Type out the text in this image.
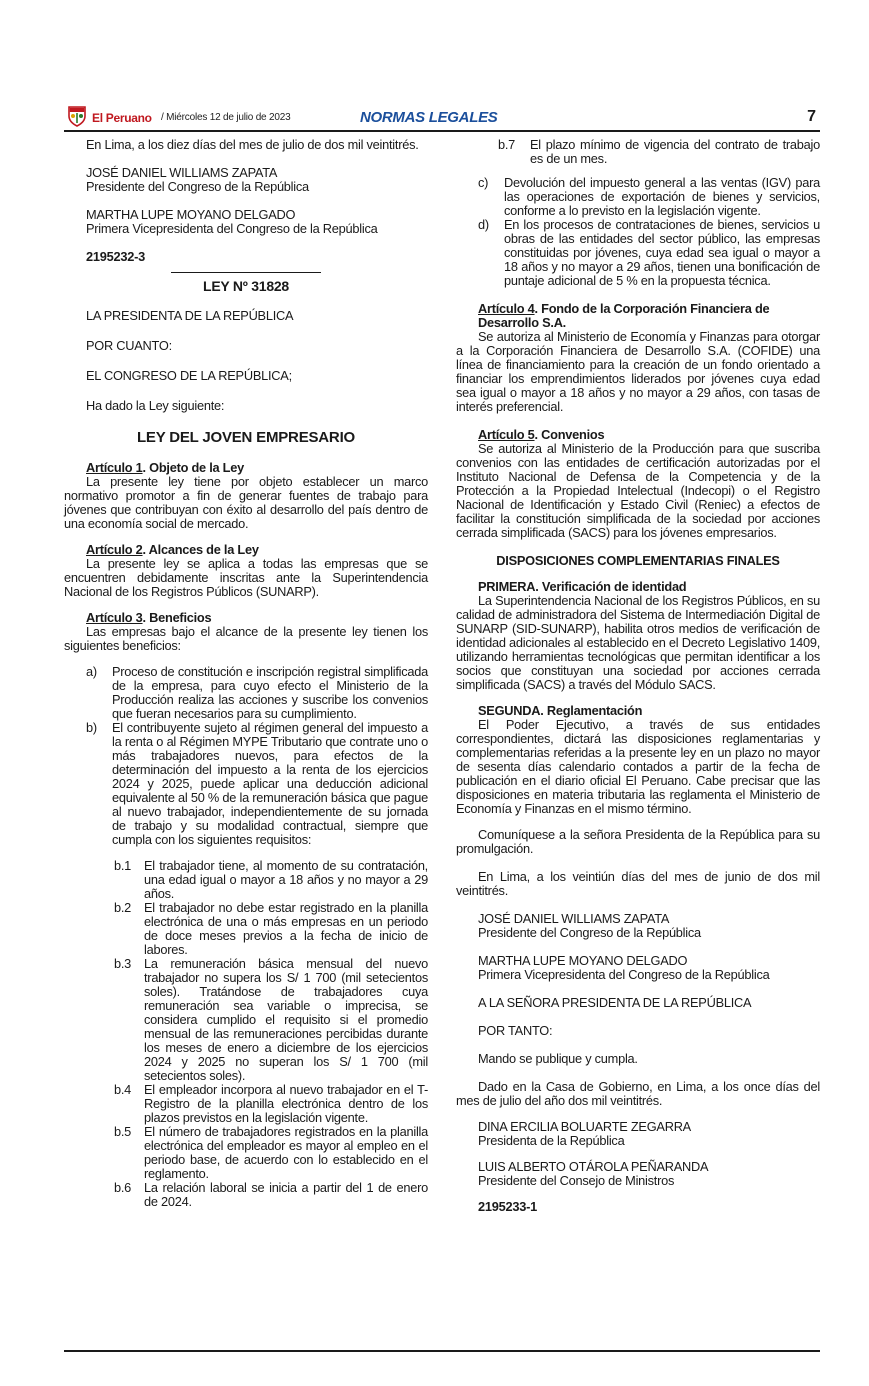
El Peruano / Miércoles 12 de julio de 2023	NORMAS LEGALES	7

En Lima, a los diez días del mes de julio de dos mil veintitrés.

JOSÉ DANIEL WILLIAMS ZAPATA

Presidente del Congreso de la República

MARTHA LUPE MOYANO DELGADO

Primera Vicepresidenta del Congreso de la República

2195232-3

LEY Nº 31828

LA PRESIDENTA DE LA REPÚBLICA

POR CUANTO:

EL CONGRESO DE LA REPÚBLICA;

Ha dado la Ley siguiente:

LEY DEL JOVEN EMPRESARIO

Artículo 1. Objeto de la Ley

La presente ley tiene por objeto establecer un marco normativo promotor a fin de generar fuentes de trabajo para jóvenes que contribuyan con éxito al desarrollo del país dentro de una economía social de mercado.

Artículo 2. Alcances de la Ley

La presente ley se aplica a todas las empresas que se encuentren debidamente inscritas ante la Superintendencia Nacional de los Registros Públicos (SUNARP).

Artículo 3. Beneficios

Las empresas bajo el alcance de la presente ley tienen los siguientes beneficios:

a)	Proceso de constitución e inscripción registral simplificada de la empresa, para cuyo efecto el Ministerio de la Producción realiza las acciones y suscribe los convenios que fueran necesarios para su cumplimiento.
b)	El contribuyente sujeto al régimen general del impuesto a la renta o al Régimen MYPE Tributario que contrate uno o más trabajadores nuevos, para efectos de la determinación del impuesto a la renta de los ejercicios 2024 y 2025, puede aplicar una deducción adicional equivalente al 50 % de la remuneración básica que pague al nuevo trabajador, independientemente de su jornada de trabajo y su modalidad contractual, siempre que cumpla con los siguientes requisitos:
b.1	El trabajador tiene, al momento de su contratación, una edad igual o mayor a 18 años y no mayor a 29 años.
b.2	El trabajador no debe estar registrado en la planilla electrónica de una o más empresas en un periodo de doce meses previos a la fecha de inicio de labores.
b.3	La remuneración básica mensual del nuevo trabajador no supera los S/ 1 700 (mil setecientos soles). Tratándose de trabajadores cuya remuneración sea variable o imprecisa, se considera cumplido el requisito si el promedio mensual de las remuneraciones percibidas durante los meses de enero a diciembre de los ejercicios 2024 y 2025 no superan los S/ 1 700 (mil setecientos soles).
b.4	El empleador incorpora al nuevo trabajador en el T-Registro de la planilla electrónica dentro de los plazos previstos en la legislación vigente.
b.5	El número de trabajadores registrados en la planilla electrónica del empleador es mayor al empleo en el periodo base, de acuerdo con lo establecido en el reglamento.
b.6	La relación laboral se inicia a partir del 1 de enero de 2024.
b.7	El plazo mínimo de vigencia del contrato de trabajo es de un mes.
c)	Devolución del impuesto general a las ventas (IGV) para las operaciones de exportación de bienes y servicios, conforme a lo previsto en la legislación vigente.
d)	En los procesos de contrataciones de bienes, servicios u obras de las entidades del sector público, las empresas constituidas por jóvenes, cuya edad sea igual o mayor a 18 años y no mayor a 29 años, tienen una bonificación de puntaje adicional de 5 % en la propuesta técnica.

Artículo 4. Fondo de la Corporación Financiera de Desarrollo S.A.

Se autoriza al Ministerio de Economía y Finanzas para otorgar a la Corporación Financiera de Desarrollo S.A. (COFIDE) una línea de financiamiento para la creación de un fondo orientado a financiar los emprendimientos liderados por jóvenes cuya edad sea igual o mayor a 18 años y no mayor a 29 años, con tasas de interés preferencial.

Artículo 5. Convenios

Se autoriza al Ministerio de la Producción para que suscriba convenios con las entidades de certificación autorizadas por el Instituto Nacional de Defensa de la Competencia y de la Protección a la Propiedad Intelectual (Indecopi) o el Registro Nacional de Identificación y Estado Civil (Reniec) a efectos de facilitar la constitución simplificada de la sociedad por acciones cerrada simplificada (SACS) para los jóvenes empresarios.

DISPOSICIONES COMPLEMENTARIAS FINALES

PRIMERA. Verificación de identidad

La Superintendencia Nacional de los Registros Públicos, en su calidad de administradora del Sistema de Intermediación Digital de SUNARP (SID-SUNARP), habilita otros medios de verificación de identidad adicionales al establecido en el Decreto Legislativo 1409, utilizando herramientas tecnológicas que permitan identificar a los socios que constituyan una sociedad por acciones cerrada simplificada (SACS) a través del Módulo SACS.

SEGUNDA. Reglamentación

El Poder Ejecutivo, a través de sus entidades correspondientes, dictará las disposiciones reglamentarias y complementarias referidas a la presente ley en un plazo no mayor de sesenta días calendario contados a partir de la fecha de publicación en el diario oficial El Peruano. Cabe precisar que las disposiciones en materia tributaria las reglamenta el Ministerio de Economía y Finanzas en el mismo término.

Comuníquese a la señora Presidenta de la República para su promulgación.

En Lima, a los veintiún días del mes de junio de dos mil veintitrés.

JOSÉ DANIEL WILLIAMS ZAPATA

Presidente del Congreso de la República

MARTHA LUPE MOYANO DELGADO

Primera Vicepresidenta del Congreso de la República

A LA SEÑORA PRESIDENTA DE LA REPÚBLICA

POR TANTO:

Mando se publique y cumpla.

Dado en la Casa de Gobierno, en Lima, a los once días del mes de julio del año dos mil veintitrés.

DINA ERCILIA BOLUARTE ZEGARRA

Presidenta de la República

LUIS ALBERTO OTÁROLA PEÑARANDA

Presidente del Consejo de Ministros

2195233-1
